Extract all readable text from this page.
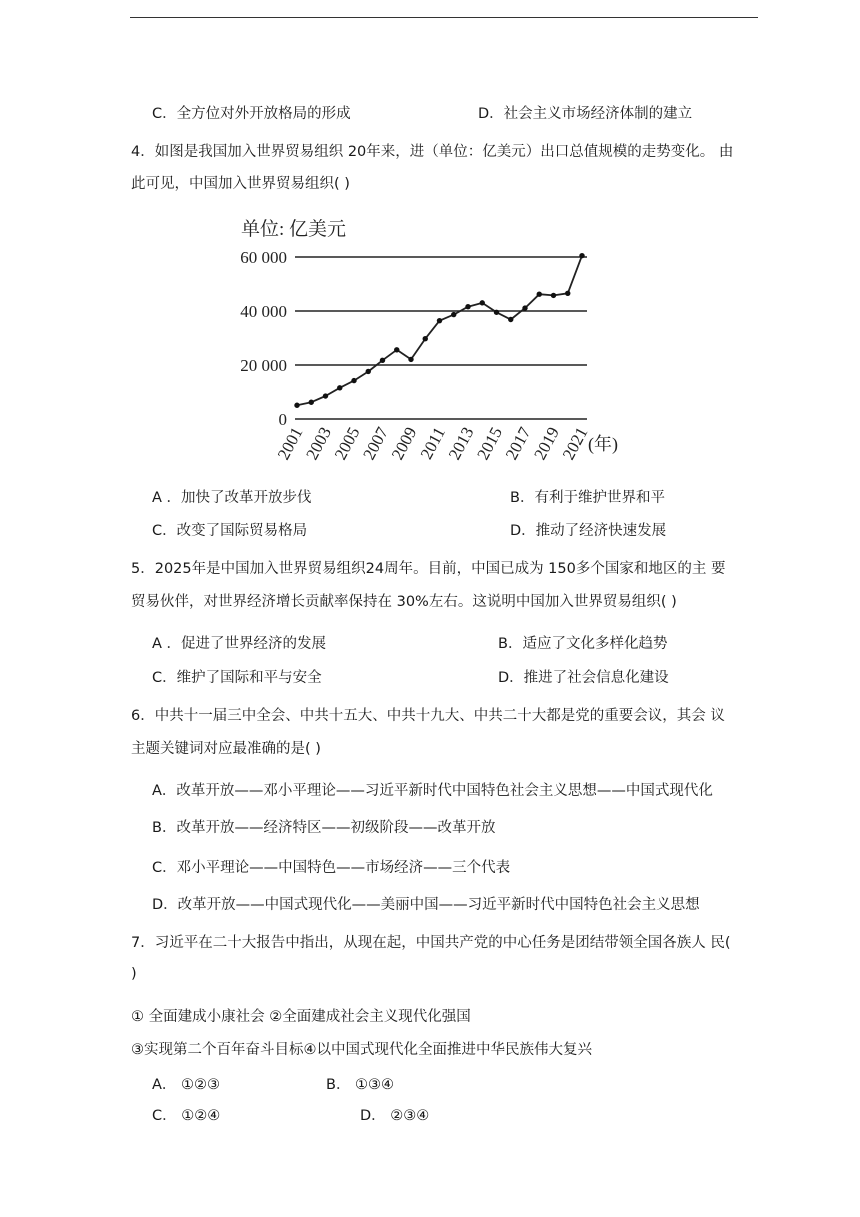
C．全方位对外开放格局的形成	D．社会主义市场经济体制的建立
4．如图是我国加入世界贸易组织 20年来，进（单位：亿美元）出口总值规模的走势变化。 由
此可见，中国加入世界贸易组织( )
单位: 亿美元
0
20 000
40 000
60 000
2001
2003
2005
2007
2009
2011
2013
2015
2017
2019
2021
(年)
A ．加快了改革开放步伐	B．有利于维护世界和平
C．改变了国际贸易格局	D．推动了经济快速发展
5．2025年是中国加入世界贸易组织24周年。目前，中国已成为 150多个国家和地区的主 要
贸易伙伴，对世界经济增长贡献率保持在 30%左右。这说明中国加入世界贸易组织( )
A ．促进了世界经济的发展	B．适应了文化多样化趋势
C．维护了国际和平与安全	D．推进了社会信息化建设
6．中共十一届三中全会、中共十五大、中共十九大、中共二十大都是党的重要会议，其会 议
主题关键词对应最准确的是( )
A．改革开放——邓小平理论——习近平新时代中国特色社会主义思想——中国式现代化
B．改革开放——经济特区——初级阶段——改革开放
C．邓小平理论——中国特色——市场经济——三个代表
D．改革开放——中国式现代化——美丽中国——习近平新时代中国特色社会主义思想
7．习近平在二十大报告中指出，从现在起，中国共产党的中心任务是团结带领全国各族人 民(
)
① 全面建成小康社会 ②全面建成社会主义现代化强国
③实现第二个百年奋斗目标④以中国式现代化全面推进中华民族伟大复兴
A． ①②③	B． ①③④
C． ①②④	D． ②③④
